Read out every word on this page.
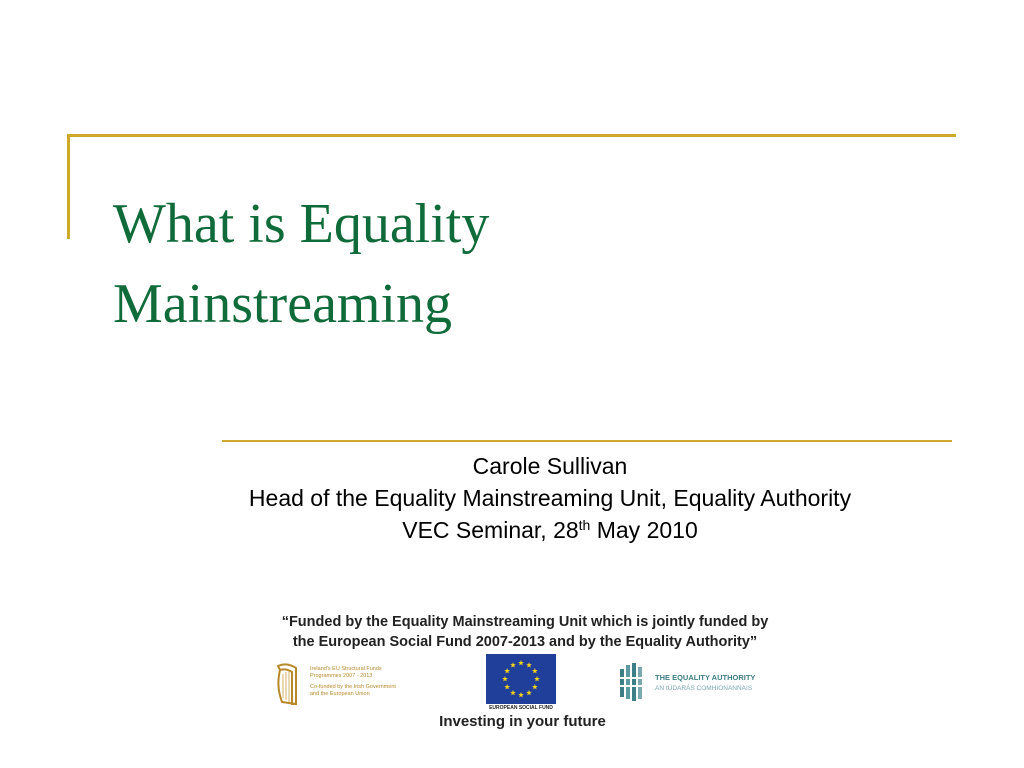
What is Equality
Mainstreaming
Carole Sullivan
Head of the Equality Mainstreaming Unit, Equality Authority
VEC Seminar, 28th May 2010
“Funded by the Equality Mainstreaming Unit which is jointly funded by
the European Social Fund 2007-2013 and by the Equality Authority”

Ireland's EU Structural Funds
Programmes 2007 - 2013

Co-funded by the Irish Government
and the European Union

EUROPEAN SOCIAL FUND
Investing in your future
THE EQUALITY AUTHORITY
AN tÚDARÁS COMHIONANNAIS
